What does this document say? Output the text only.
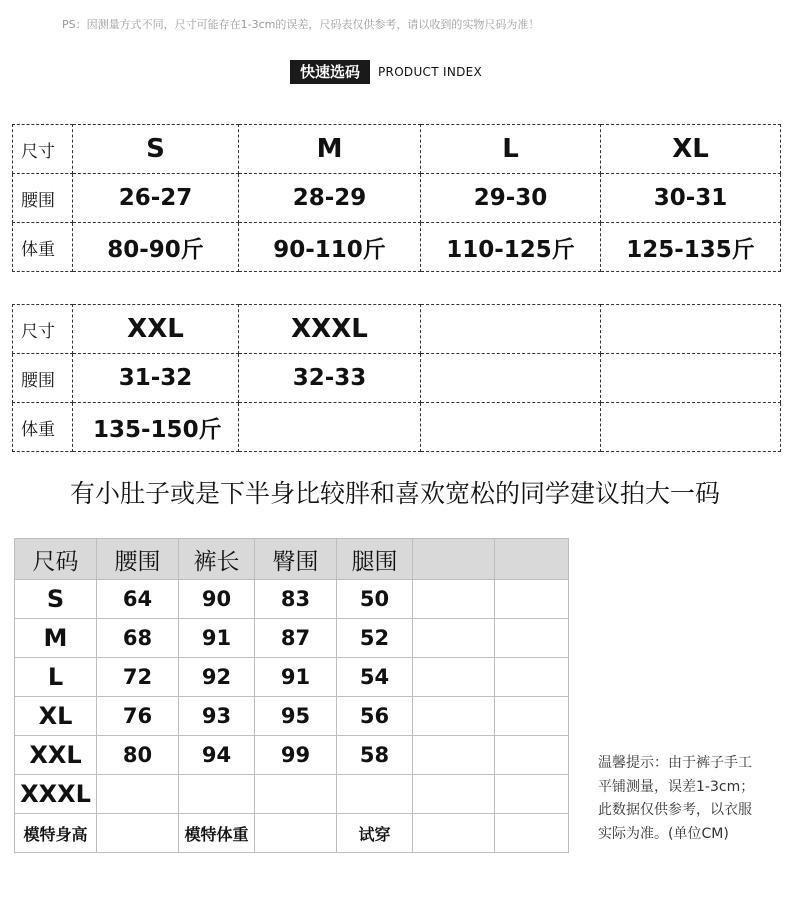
PS：因测量方式不同，尺寸可能存在1-3cm的误差，尺码表仅供参考，请以收到的实物尺码为准！
快速选码	PRODUCT INDEX
尺寸	S	M	L	XL
腰围	26-27	28-29	29-30	30-31
体重	80-90斤	90-110斤	110-125斤	125-135斤
尺寸	XXL	XXXL		
腰围	31-32	32-33		
体重	135-150斤			
有小肚子或是下半身比较胖和喜欢宽松的同学建议拍大一码
尺码	腰围	裤长	臀围	腿围		
S	64	90	83	50		
M	68	91	87	52		
L	72	92	91	54		
XL	76	93	95	56		
XXL	80	94	99	58		
XXXL						
模特身高		模特体重		试穿		
温馨提示：由于裤子手工
平铺测量，误差1-3cm；
此数据仅供参考，以衣服
实际为准。(单位CM)
